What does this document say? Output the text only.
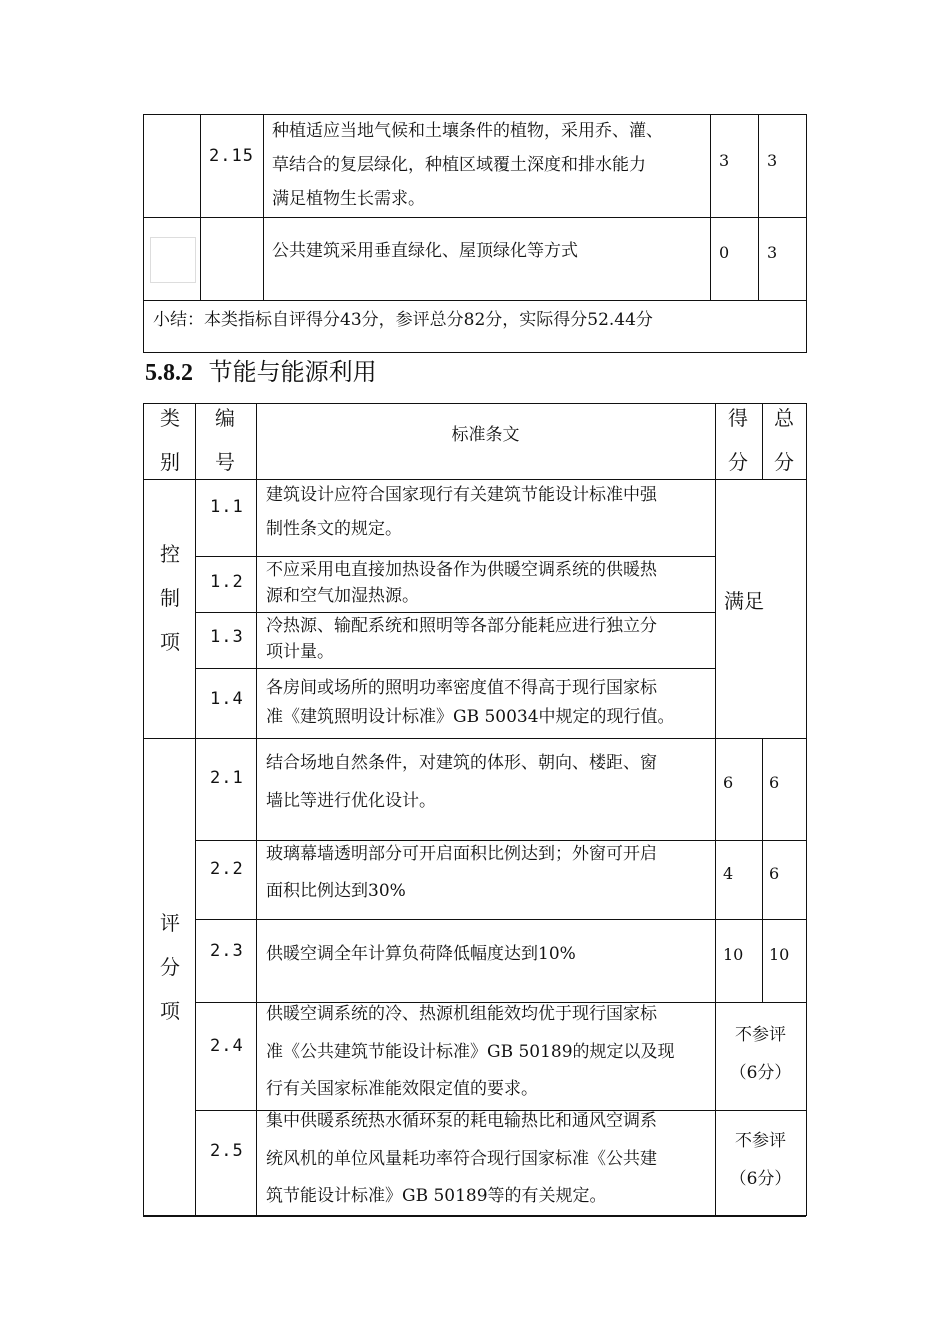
2.15
种植适应当地气候和土壤条件的植物，采用乔、灌、
草结合的复层绿化，种植区域覆土深度和排水能力
满足植物生长需求。
3 3
公共建筑采用垂直绿化、屋顶绿化等方式	0 3
小结：本类指标自评得分43分，参评总分82分，实际得分52.44分
5.8.2 节能与能源利用
类
别
编
号
标准条文
得
分
总
分
控
制
项
1.1
建筑设计应符合国家现行有关建筑节能设计标准中强
制性条文的规定。
1.2
不应采用电直接加热设备作为供暖空调系统的供暖热
源和空气加湿热源。
1.3
冷热源、输配系统和照明等各部分能耗应进行独立分
项计量。
1.4
各房间或场所的照明功率密度值不得高于现行国家标
准《建筑照明设计标准》GB 50034中规定的现行值。
满足
评
分
项
2.1
结合场地自然条件，对建筑的体形、朝向、楼距、窗
墙比等进行优化设计。
6 6
2.2
玻璃幕墙透明部分可开启面积比例达到；外窗可开启
面积比例达到30%
4 6
2.3 供暖空调全年计算负荷降低幅度达到10%	10 10
2.4
供暖空调系统的冷、热源机组能效均优于现行国家标
准《公共建筑节能设计标准》GB 50189的规定以及现
行有关国家标准能效限定值的要求。
不参评
（6分）
2.5
集中供暖系统热水循环泵的耗电输热比和通风空调系
统风机的单位风量耗功率符合现行国家标准《公共建
筑节能设计标准》GB 50189等的有关规定。
不参评
（6分）
